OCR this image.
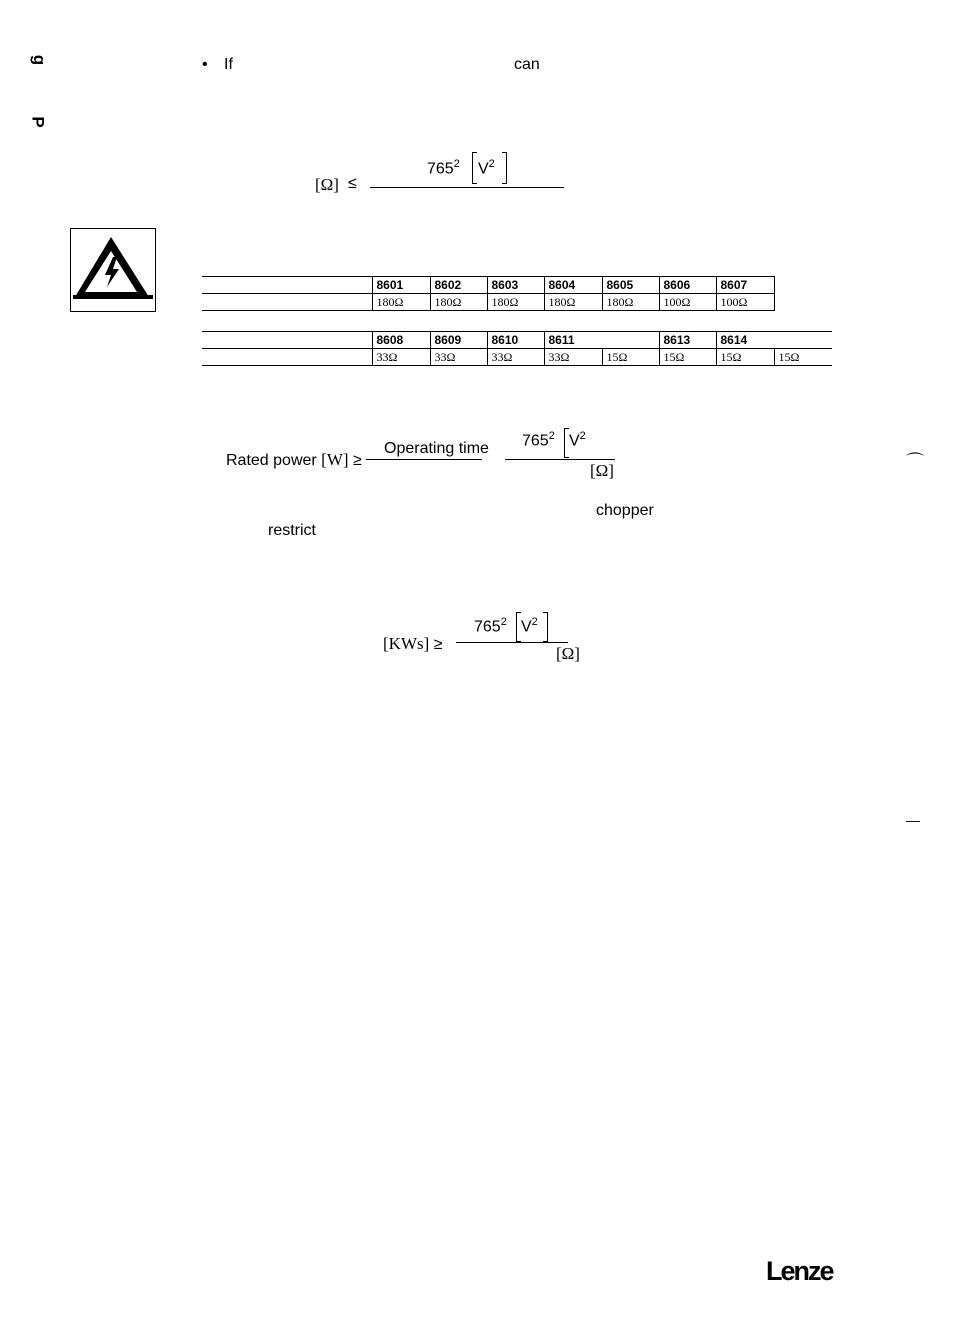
g
P
• If	can
$765^2$ $V^2$
[Ω] ≤
	8601	8602	8603	8604	8605	8606	8607
	180Ω	180Ω	180Ω	180Ω	180Ω	100Ω	100Ω
	8608	8609	8610	8611		8613	8614	
	33Ω	33Ω	33Ω	33Ω	15Ω	15Ω	15Ω	15Ω
Rated power [W] ≥
Operating time $765^2$ $V^2$
[Ω]
chopper
restrict
$765^2$ $V^2$
[KWs] ≥	[Ω]
⌒
—
Lenze
